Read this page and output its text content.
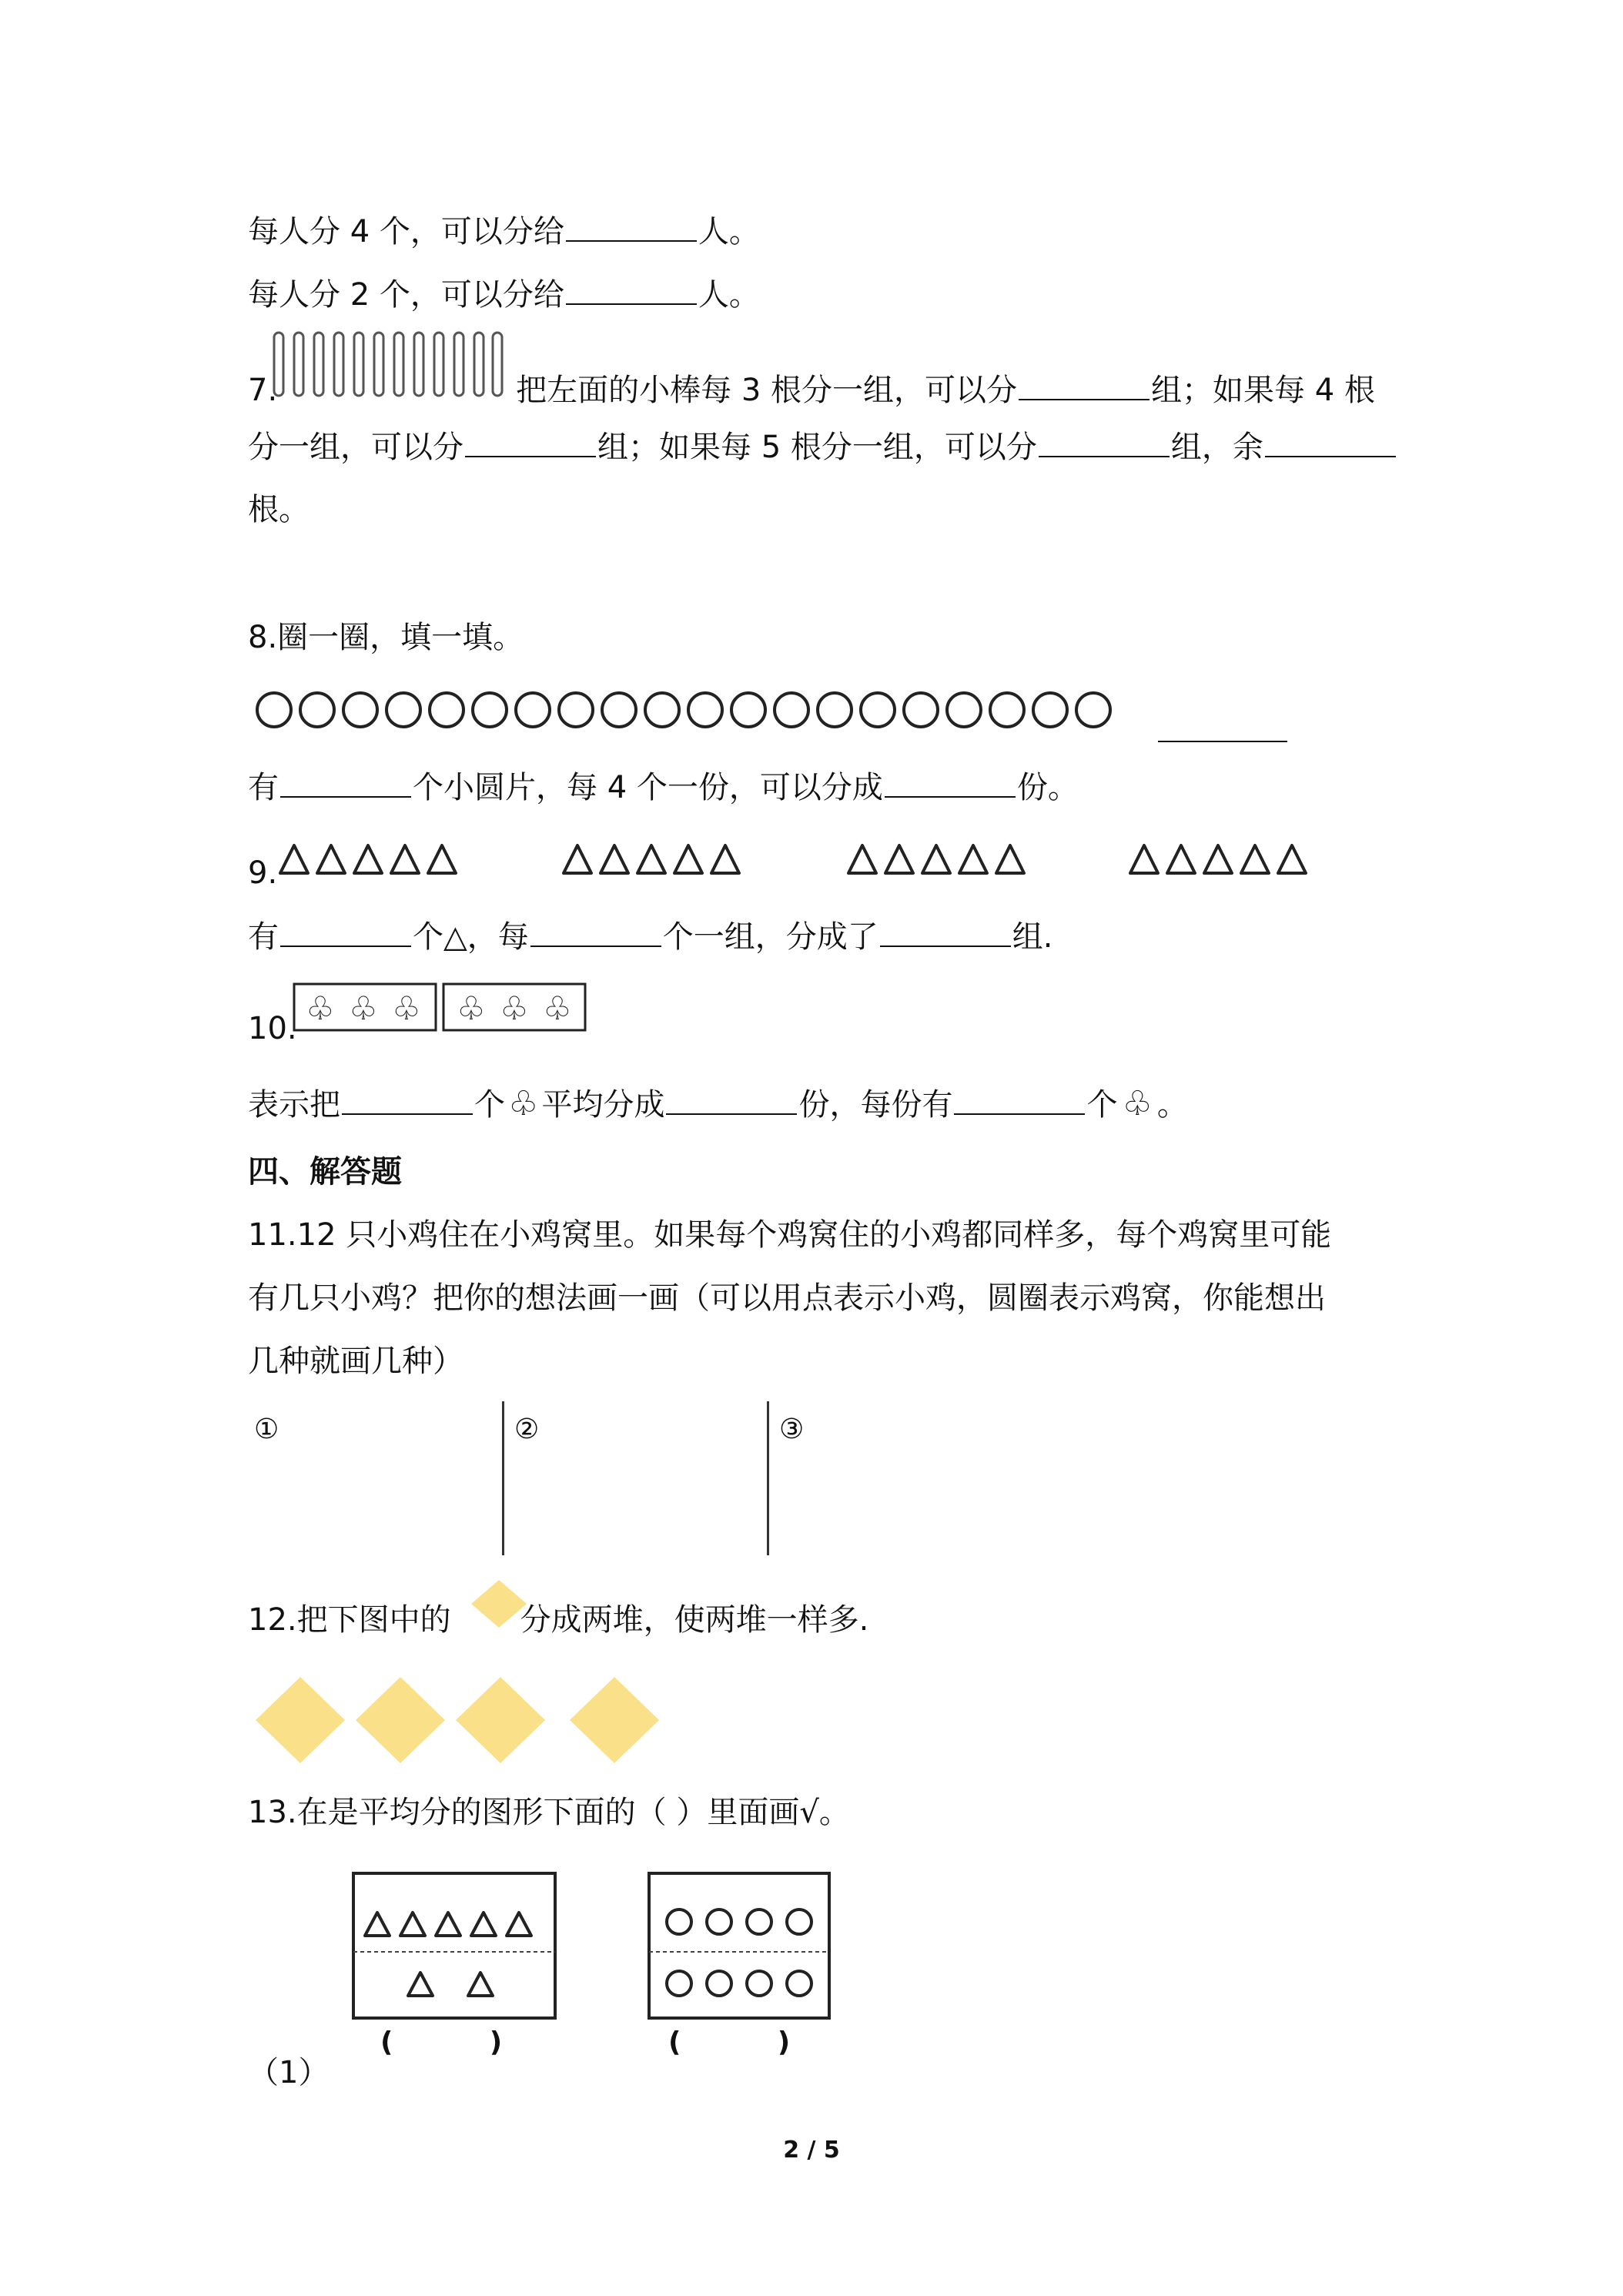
每人分 4 个，可以分给	人。
每人分 2 个，可以分给	人。
7.	把左面的小棒每 3 根分一组，可以分	组；如果每 4 根
分一组，可以分	组；如果每 5 根分一组，可以分	组，余
根。
8.圈一圈，填一填。
有	个小圆片，每 4 个一份，可以分成	份。
9.
有	个△，每	个一组，分成了	组.
10.
♧ ♧ ♧ ♧ ♧ ♧
表示把	个♧ 平均分成	份，每份有	个 ♧ 。
四、解答题
11.12 只小鸡住在小鸡窝里。如果每个鸡窝住的小鸡都同样多，每个鸡窝里可能
有几只小鸡？把你的想法画一画（可以用点表示小鸡，圆圈表示鸡窝，你能想出
几种就画几种）
①	②	③
12.把下图中的 分成两堆，使两堆一样多.
13.在是平均分的图形下面的（ ）里面画√。
(          )	(          )
（1）
2 / 5
